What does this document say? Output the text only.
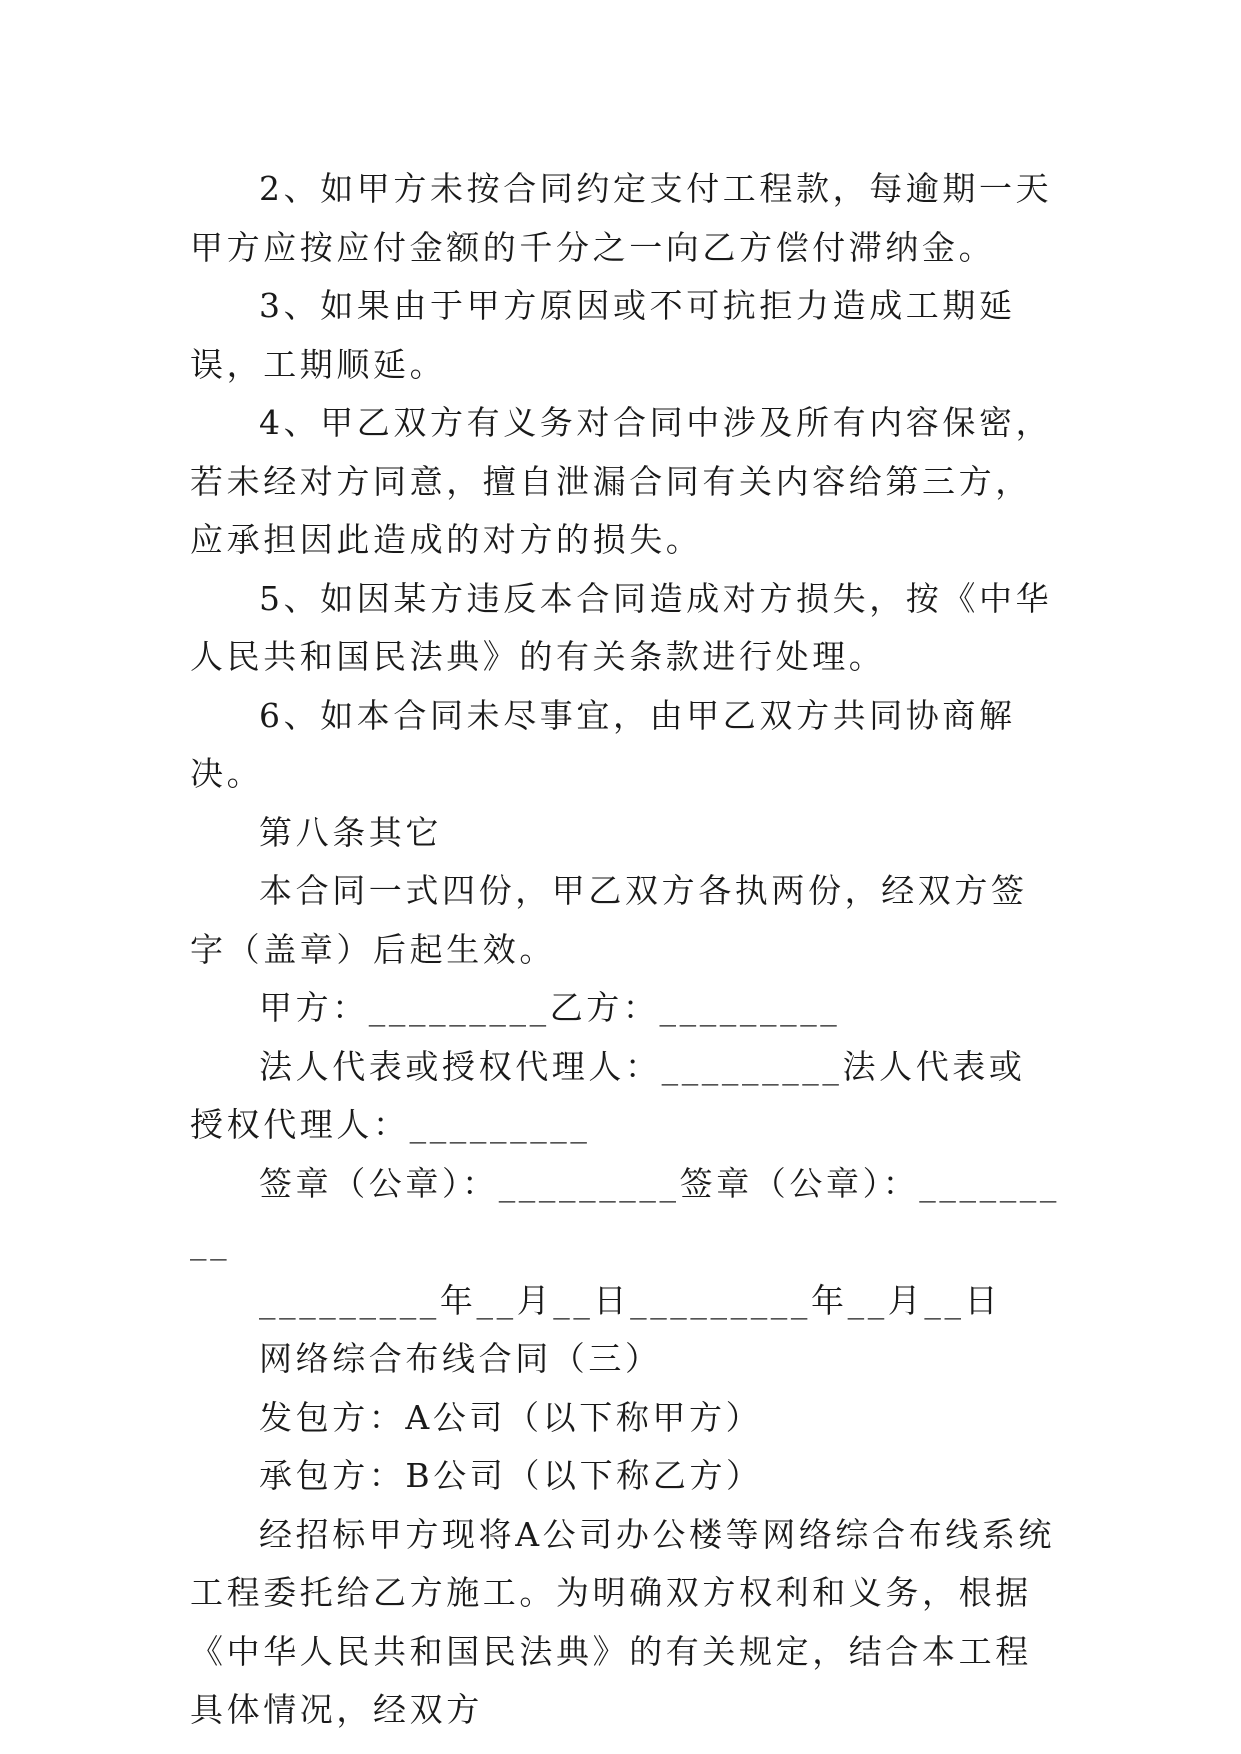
2、如甲方未按合同约定支付工程款，每逾期一天甲方应按应付金额的千分之一向乙方偿付滞纳金。

3、如果由于甲方原因或不可抗拒力造成工期延误，工期顺延。

4、甲乙双方有义务对合同中涉及所有内容保密，若未经对方同意，擅自泄漏合同有关内容给第三方，应承担因此造成的对方的损失。

5、如因某方违反本合同造成对方损失，按《中华人民共和国民法典》的有关条款进行处理。

6、如本合同未尽事宜，由甲乙双方共同协商解决。

第八条其它

本合同一式四份，甲乙双方各执两份，经双方签字（盖章）后起生效。

甲方：_________乙方：_________

法人代表或授权代理人：_________法人代表或授权代理人：_________

签章（公章）：_________签章（公章）：_________

_________年__月__日_________年__月__日

网络综合布线合同（三）

发包方：A公司（以下称甲方）

承包方：B公司（以下称乙方）

经招标甲方现将A公司办公楼等网络综合布线系统工程委托给乙方施工。为明确双方权利和义务，根据《中华人民共和国民法典》的有关规定，结合本工程具体情况，经双方
